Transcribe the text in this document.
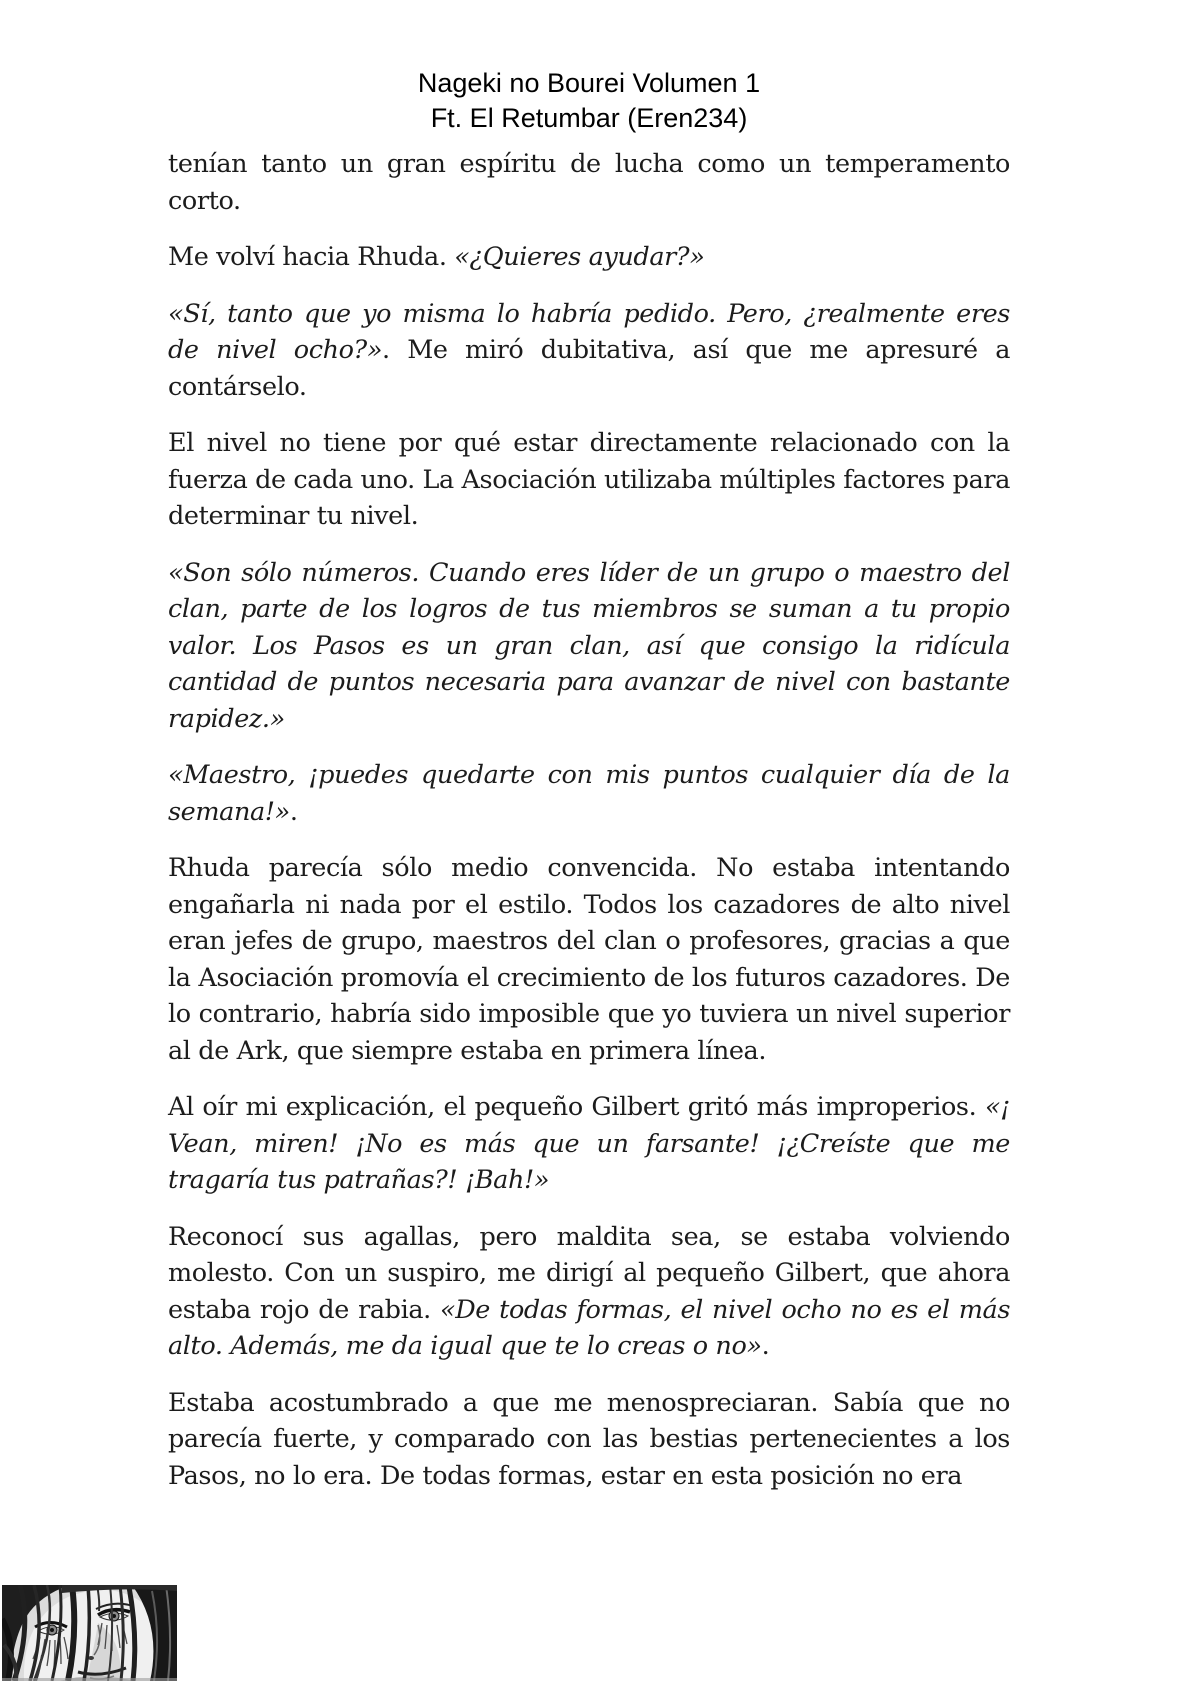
Nageki no Bourei Volumen 1
Ft. El Retumbar (Eren234)

tenían tanto un gran espíritu de lucha como un temperamento corto.

Me volví hacia Rhuda. «¿Quieres ayudar?»

«Sí, tanto que yo misma lo habría pedido. Pero, ¿realmente eres de nivel ocho?». Me miró dubitativa, así que me apresuré a contárselo.

El nivel no tiene por qué estar directamente relacionado con la fuerza de cada uno. La Asociación utilizaba múltiples factores para determinar tu nivel.

«Son sólo números. Cuando eres líder de un grupo o maestro del clan, parte de los logros de tus miembros se suman a tu propio valor. Los Pasos es un gran clan, así que consigo la ridícula cantidad de puntos necesaria para avanzar de nivel con bastante rapidez.»

«Maestro, ¡puedes quedarte con mis puntos cualquier día de la semana!».

Rhuda parecía sólo medio convencida. No estaba intentando engañarla ni nada por el estilo. Todos los cazadores de alto nivel eran jefes de grupo, maestros del clan o profesores, gracias a que la Asociación promovía el crecimiento de los futuros cazadores. De lo contrario, habría sido imposible que yo tuviera un nivel superior al de Ark, que siempre estaba en primera línea.

Al oír mi explicación, el pequeño Gilbert gritó más improperios. «¡ Vean, miren! ¡No es más que un farsante! ¡¿Creíste que me tragaría tus patrañas?! ¡Bah!»

Reconocí sus agallas, pero maldita sea, se estaba volviendo molesto. Con un suspiro, me dirigí al pequeño Gilbert, que ahora estaba rojo de rabia. «De todas formas, el nivel ocho no es el más alto. Además, me da igual que te lo creas o no».

Estaba acostumbrado a que me menospreciaran. Sabía que no parecía fuerte, y comparado con las bestias pertenecientes a los Pasos, no lo era. De todas formas, estar en esta posición no era
